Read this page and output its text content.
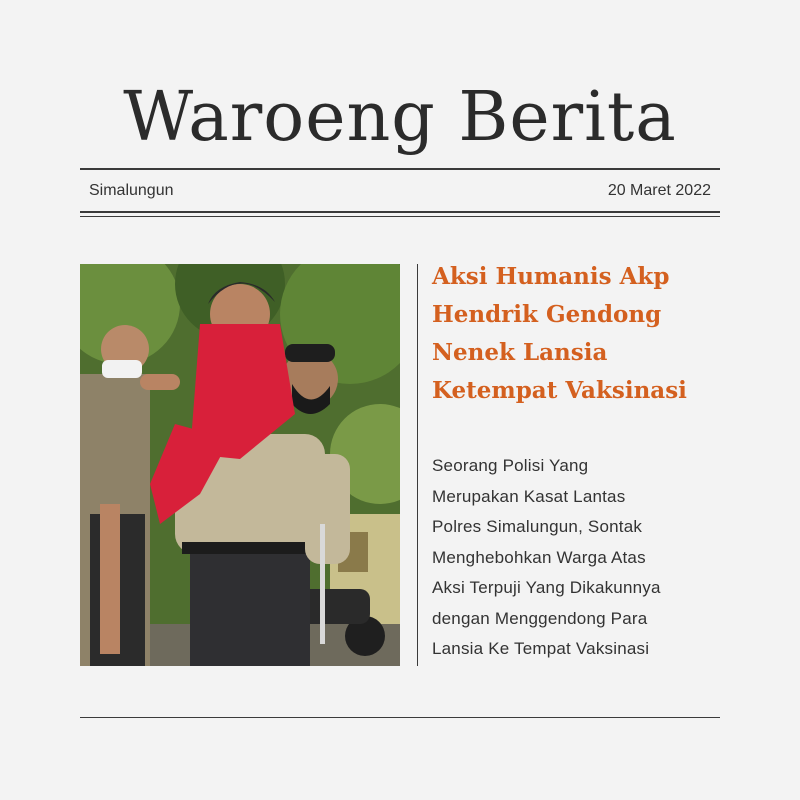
Waroeng Berita
Simalungun	20 Maret 2022
Aksi Humanis Akp
Hendrik Gendong
Nenek Lansia
Ketempat Vaksinasi

Seorang Polisi Yang
Merupakan Kasat Lantas
Polres Simalungun, Sontak
Menghebohkan Warga Atas
Aksi Terpuji Yang Dikakunnya
dengan Menggendong Para
Lansia Ke Tempat Vaksinasi
